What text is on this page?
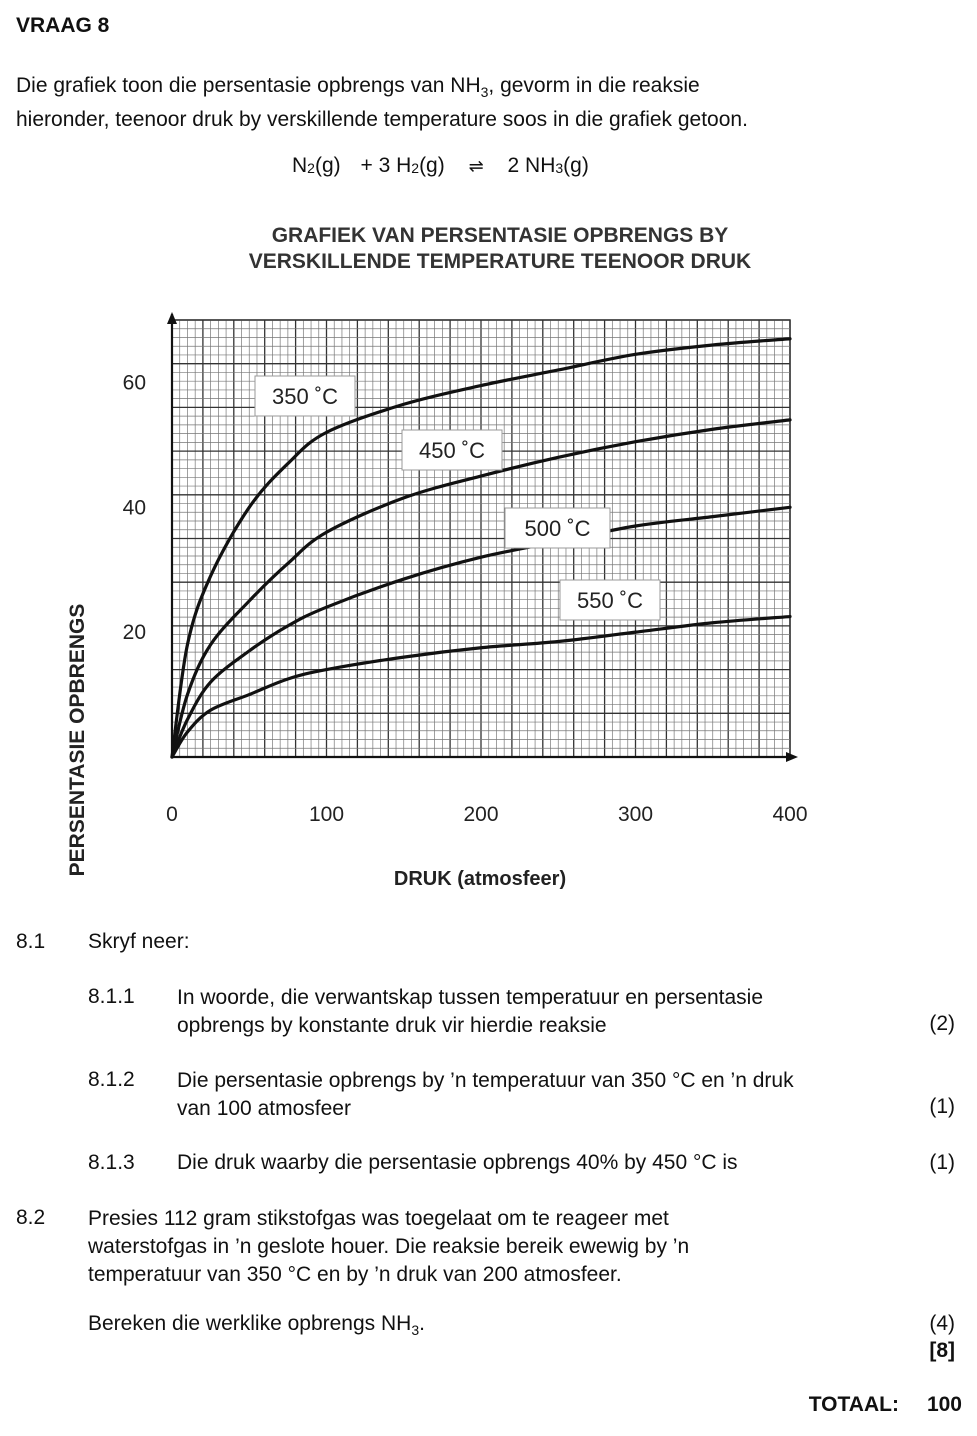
VRAAG 8
Die grafiek toon die persentasie opbrengs van $NH_3$, gevorm in die reaksie
hieronder, teenoor druk by verskillende temperature soos in die grafiek getoon.
$N_2(g) + 3$ $H_2(g)$ ⇌ 2 $NH_3(g)$
GRAFIEK VAN PERSENTASIE OPBRENGS BY
VERSKILLENDE TEMPERATURE TEENOOR DRUK
0	100	200	300	400
20
40
60
350 ˚C
450 ˚C
500 ˚C
550 ˚C
DRUK (atmosfeer)
PERSENTASIE OPBRENGS
8.1 Skryf neer:
8.1.1 In woorde, die verwantskap tussen temperatuur en persentasie
opbrengs by konstante druk vir hierdie reaksie	(2)
8.1.2 Die persentasie opbrengs by ’n temperatuur van 350 °C en ’n druk
van 100 atmosfeer	(1)
8.1.3 Die druk waarby die persentasie opbrengs 40% by 450 °C is	(1)
8.2 Presies 112 gram stikstofgas was toegelaat om te reageer met
waterstofgas in ’n geslote houer. Die reaksie bereik ewewig by ’n
temperatuur van 350 °C en by ’n druk van 200 atmosfeer.
Bereken die werklike opbrengs $NH_3$.	(4)
[8]
TOTAAL: 100
